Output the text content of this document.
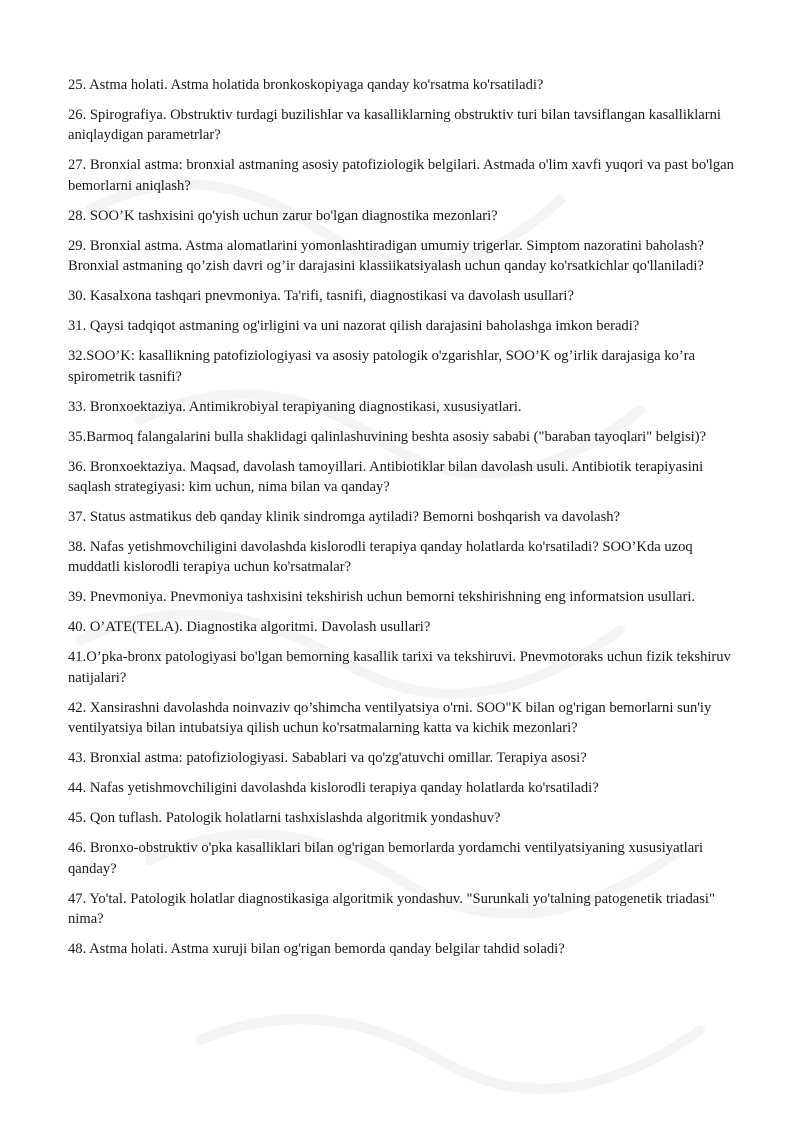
25. Astma holati. Astma holatida bronkoskopiyaga qanday ko'rsatma ko'rsatiladi?
26. Spirografiya. Obstruktiv turdagi buzilishlar va kasalliklarning obstruktiv turi bilan tavsiflangan kasalliklarni aniqlaydigan parametrlar?
27. Bronxial astma: bronxial astmaning asosiy patofiziologik belgilari. Astmada o'lim xavfi yuqori va past bo'lgan bemorlarni aniqlash?
28. SOO’K tashxisini qo'yish uchun zarur bo'lgan diagnostika mezonlari?
29. Bronxial astma. Astma alomatlarini yomonlashtiradigan umumiy trigerlar. Simptom nazoratini baholash? Bronxial astmaning qo’zish davri og’ir darajasini klassiikatsiyalash uchun qanday ko'rsatkichlar qo'llaniladi?
30. Kasalxona tashqari pnevmoniya. Ta'rifi, tasnifi, diagnostikasi va davolash usullari?
31. Qaysi tadqiqot astmaning og'irligini va uni nazorat qilish darajasini baholashga imkon beradi?
32.SOO’K: kasallikning patofiziologiyasi va asosiy patologik o'zgarishlar, SOO’K og’irlik darajasiga ko’ra spirometrik tasnifi?
33. Bronxoektaziya. Antimikrobiyal terapiyaning diagnostikasi, xususiyatlari.
35.Barmoq falangalarini bulla shaklidagi qalinlashuvining beshta asosiy sababi ("baraban tayoqlari" belgisi)?
36. Bronxoektaziya. Maqsad, davolash tamoyillari. Antibiotiklar bilan davolash usuli. Antibiotik terapiyasini saqlash strategiyasi: kim uchun, nima bilan va qanday?
37. Status astmatikus deb qanday klinik sindromga aytiladi? Bemorni boshqarish va davolash?
38. Nafas yetishmovchiligini davolashda kislorodli terapiya qanday holatlarda ko'rsatiladi? SOO’Kda uzoq muddatli kislorodli terapiya uchun ko'rsatmalar?
39. Pnevmoniya. Pnevmoniya tashxisini tekshirish uchun bemorni tekshirishning eng informatsion usullari.
40. O’ATE(TELA). Diagnostika algoritmi. Davolash usullari?
41.O’pka-bronx patologiyasi bo'lgan bemorning kasallik tarixi va tekshiruvi. Pnevmotoraks uchun fizik tekshiruv natijalari?
42. Xansirashni davolashda noinvaziv qo’shimcha ventilyatsiya o'rni. SOO"K bilan og'rigan bemorlarni sun'iy ventilyatsiya bilan intubatsiya qilish uchun ko'rsatmalarning katta va kichik mezonlari?
43. Bronxial astma: patofiziologiyasi. Sabablari va qo'zg'atuvchi omillar. Terapiya asosi?
44. Nafas yetishmovchiligini davolashda kislorodli terapiya qanday holatlarda ko'rsatiladi?
45. Qon tuflash. Patologik holatlarni tashxislashda algoritmik yondashuv?
46. Bronxo-obstruktiv o'pka kasalliklari bilan og'rigan bemorlarda yordamchi ventilyatsiyaning xususiyatlari qanday?
47. Yo'tal. Patologik holatlar diagnostikasiga algoritmik yondashuv. "Surunkali yo'talning patogenetik triadasi" nima?
48. Astma holati. Astma xuruji bilan og'rigan bemorda qanday belgilar tahdid soladi?
